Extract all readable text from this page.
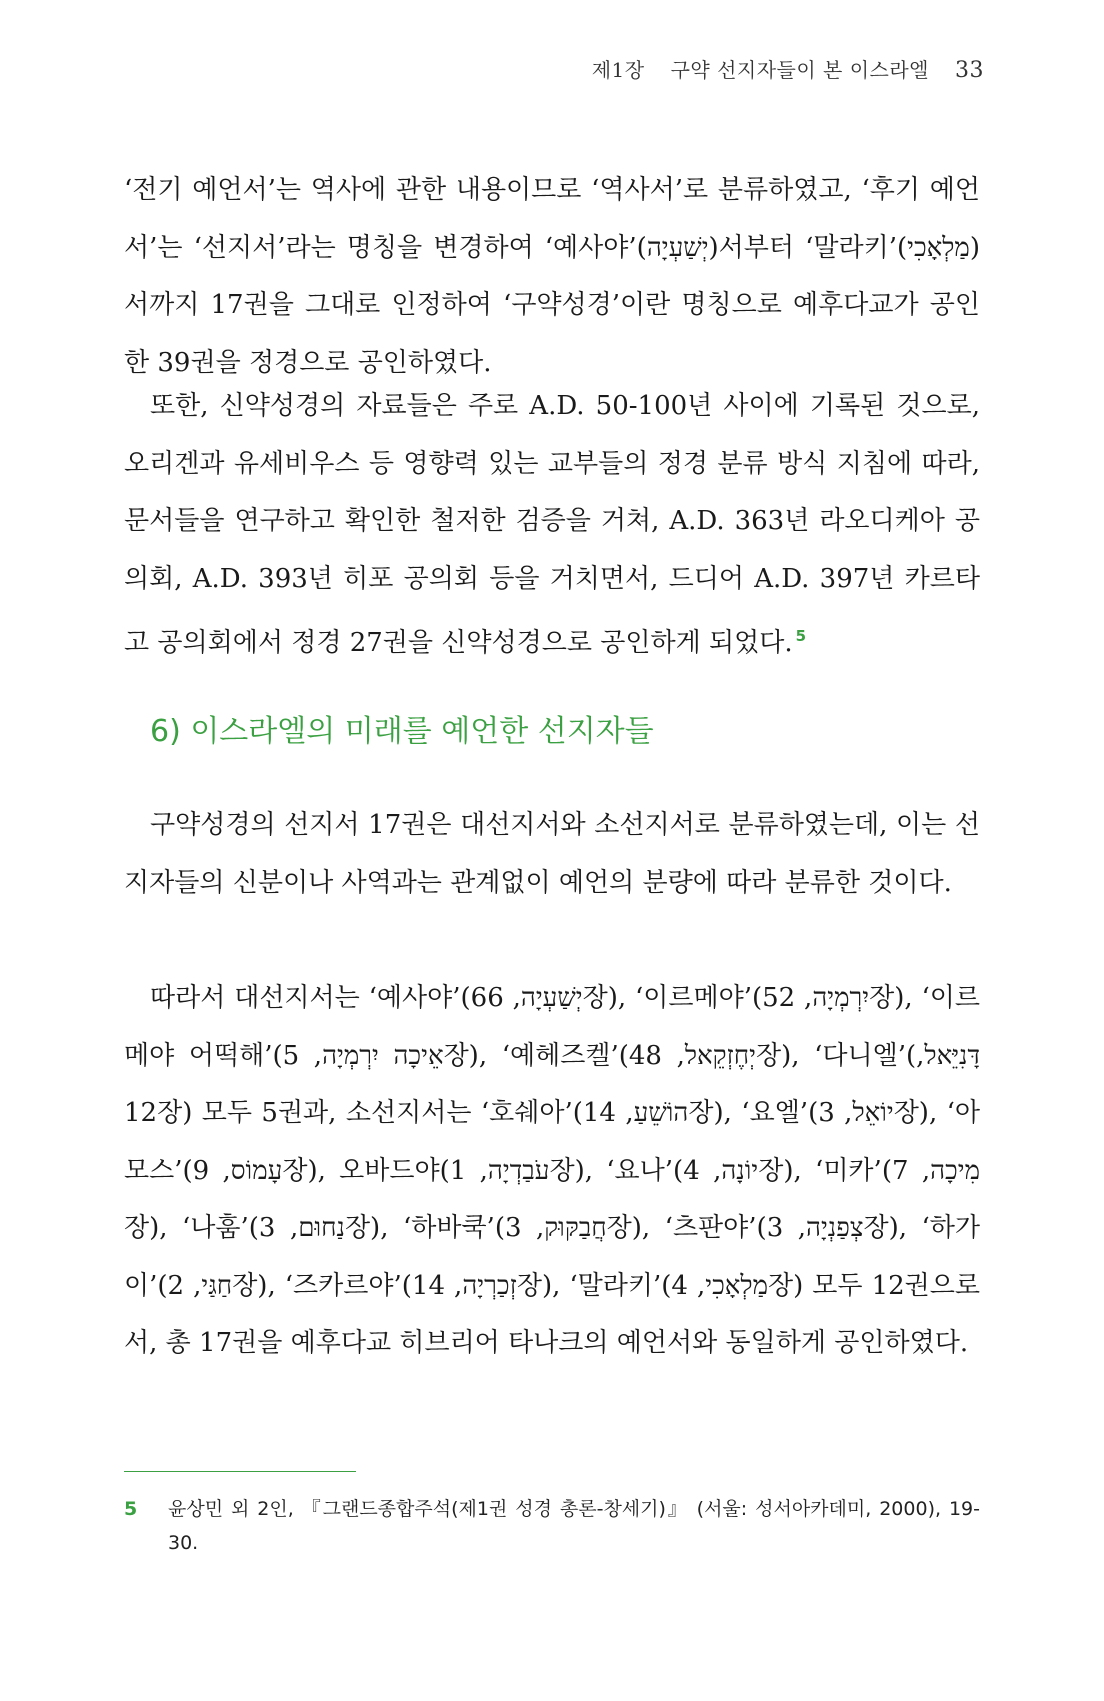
제1장 구약 선지자들이 본 이스라엘 33

‘전기 예언서’는 역사에 관한 내용이므로 ‘역사서’로 분류하였고, ‘후기 예언서’는 ‘선지서’라는 명칭을 변경하여 ‘예사야’(יְשַׁעְיָה)서부터 ‘말라키’(מַלְאָכִי)서까지 17권을 그대로 인정하여 ‘구약성경’이란 명칭으로 예후다교가 공인한 39권을 정경으로 공인하였다.

또한, 신약성경의 자료들은 주로 A.D. 50-100년 사이에 기록된 것으로, 오리겐과 유세비우스 등 영향력 있는 교부들의 정경 분류 방식 지침에 따라, 문서들을 연구하고 확인한 철저한 검증을 거쳐, A.D. 363년 라오디케아 공의회, A.D. 393년 히포 공의회 등을 거치면서, 드디어 A.D. 397년 카르타고 공의회에서 정경 27권을 신약성경으로 공인하게 되었다. $^5$

6) 이스라엘의 미래를 예언한 선지자들

구약성경의 선지서 17권은 대선지서와 소선지서로 분류하였는데, 이는 선지자들의 신분이나 사역과는 관계없이 예언의 분량에 따라 분류한 것이다.

따라서 대선지서는 ‘예사야’(יְשַׁעְיָה, 66장), ‘이르메야’(יִרְמְיָה, 52장), ‘이르메야 어떡해’(אֵיכָה יִרְמְיָה, 5장), ‘예헤즈켈’(יְחֶזְקֵאל, 48장), ‘다니엘’(דָּנִיֵּאל, 12장) 모두 5권과, 소선지서는 ‘호쉐아’(הוֹשֵׁעַ, 14장), ‘요엘’(יוֹאֵל, 3장), ‘아모스’(עָמוֹס, 9장), 오바드야(עֹבַדְיָה, 1장), ‘요나’(יוֹנָה, 4장), ‘미카’(מִיכָה, 7장), ‘나훔’(נַחוּם, 3장), ‘하바쿡’(חֲבַקּוּק, 3장), ‘츠판야’(צְפַנְיָה, 3장), ‘하가이’(חַגַּי, 2장), ‘즈카르야’(זְכַרְיָה, 14장), ‘말라키’(מַלְאָכִי, 4장) 모두 12권으로서, 총 17권을 예후다교 히브리어 타나크의 예언서와 동일하게 공인하였다.

5	윤상민 외 2인, 『그랜드종합주석(제1권 성경 총론-창세기)』 (서울: 성서아카데미, 2000), 19-30.
